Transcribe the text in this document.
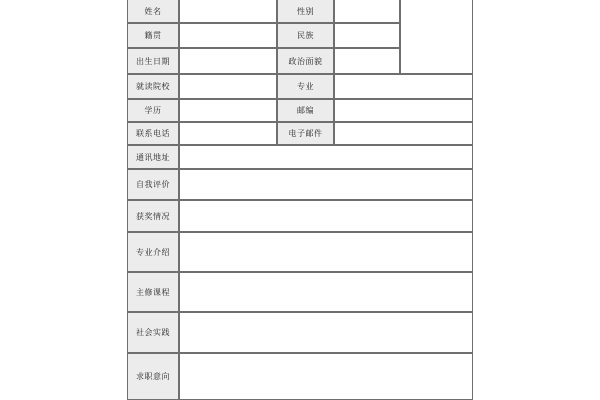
姓名	性别
籍贯	民族
出生日期	政治面貌
就读院校	专业
学历	邮编
联系电话	电子邮件
通讯地址
自我评价
获奖情况
专业介绍
主修课程
社会实践
求职意向
